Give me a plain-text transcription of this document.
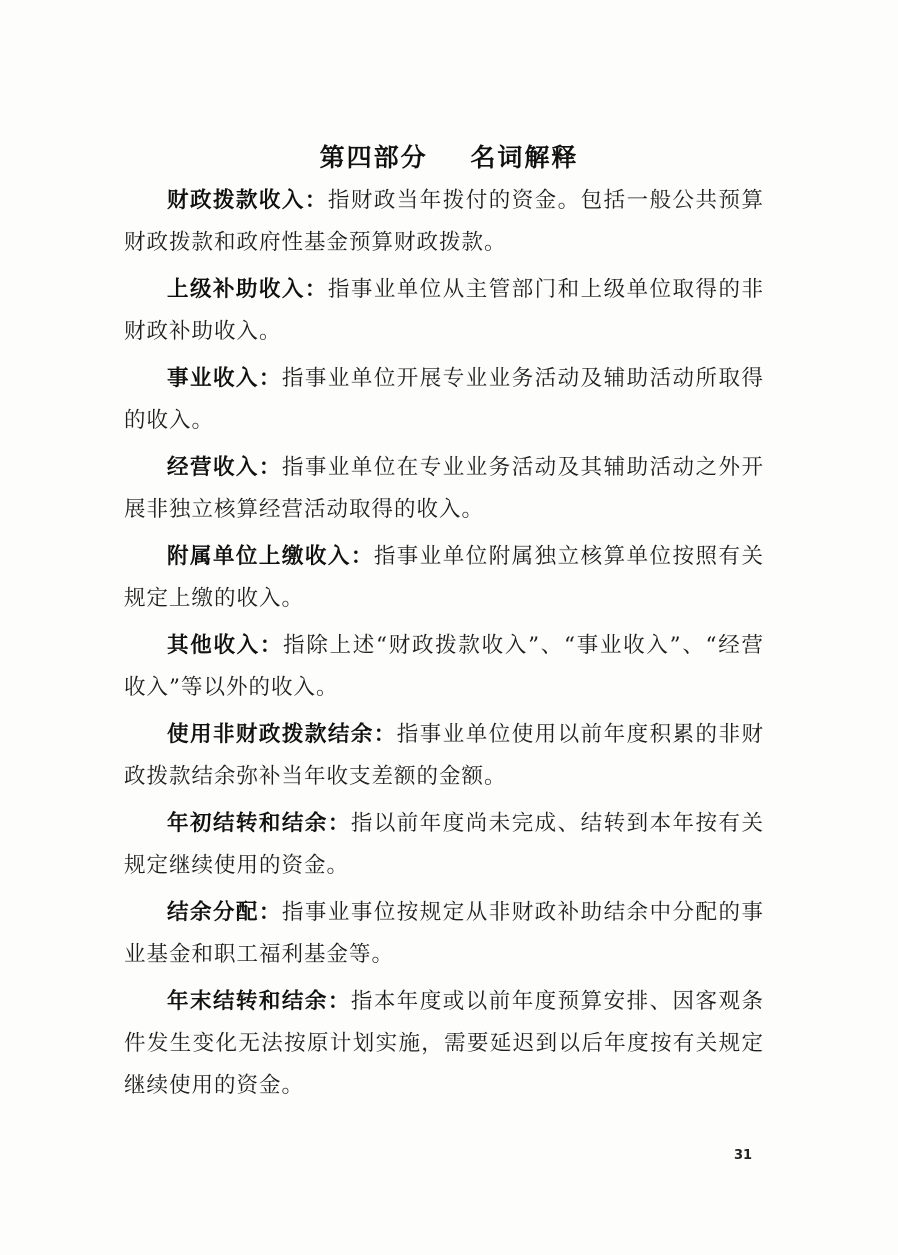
第四部分    名词解释

财政拨款收入：指财政当年拨付的资金。包括一般公共预算财政拨款和政府性基金预算财政拨款。

上级补助收入：指事业单位从主管部门和上级单位取得的非财政补助收入。

事业收入：指事业单位开展专业业务活动及辅助活动所取得的收入。

经营收入：指事业单位在专业业务活动及其辅助活动之外开展非独立核算经营活动取得的收入。

附属单位上缴收入：指事业单位附属独立核算单位按照有关规定上缴的收入。

其他收入：指除上述“财政拨款收入”、“事业收入”、“经营收入”等以外的收入。

使用非财政拨款结余：指事业单位使用以前年度积累的非财政拨款结余弥补当年收支差额的金额。

年初结转和结余：指以前年度尚未完成、结转到本年按有关规定继续使用的资金。

结余分配：指事业事位按规定从非财政补助结余中分配的事业基金和职工福利基金等。

年末结转和结余：指本年度或以前年度预算安排、因客观条件发生变化无法按原计划实施，需要延迟到以后年度按有关规定继续使用的资金。

31
